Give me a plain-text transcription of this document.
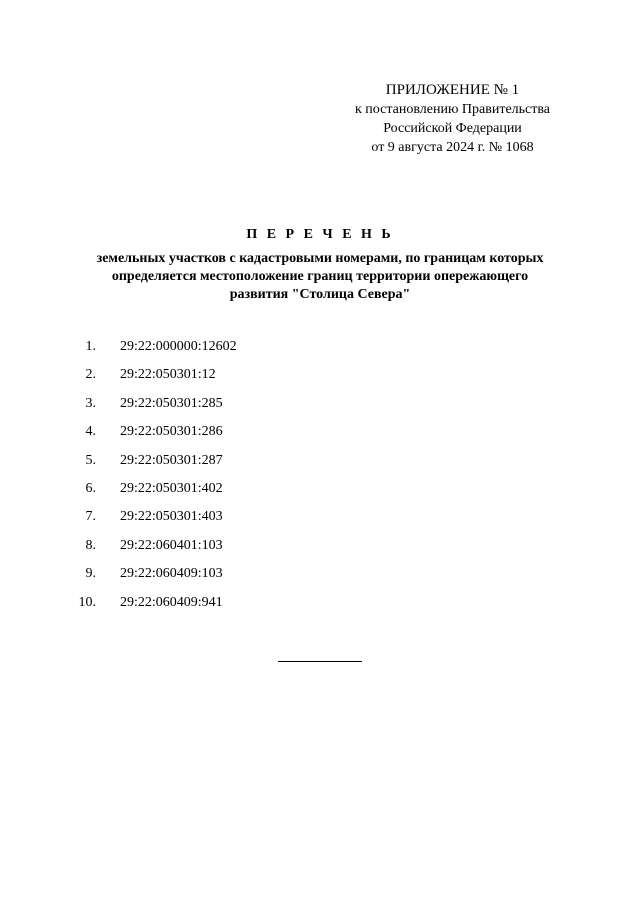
ПРИЛОЖЕНИЕ № 1
к постановлению Правительства
Российской Федерации
от 9 августа 2024 г. № 1068
П Е Р Е Ч Е Н Ь
земельных участков с кадастровыми номерами, по границам которых
определяется местоположение границ территории опережающего
развития "Столица Севера"
1. 29:22:000000:12602
2. 29:22:050301:12
3. 29:22:050301:285
4. 29:22:050301:286
5. 29:22:050301:287
6. 29:22:050301:402
7. 29:22:050301:403
8. 29:22:060401:103
9. 29:22:060409:103
10. 29:22:060409:941
